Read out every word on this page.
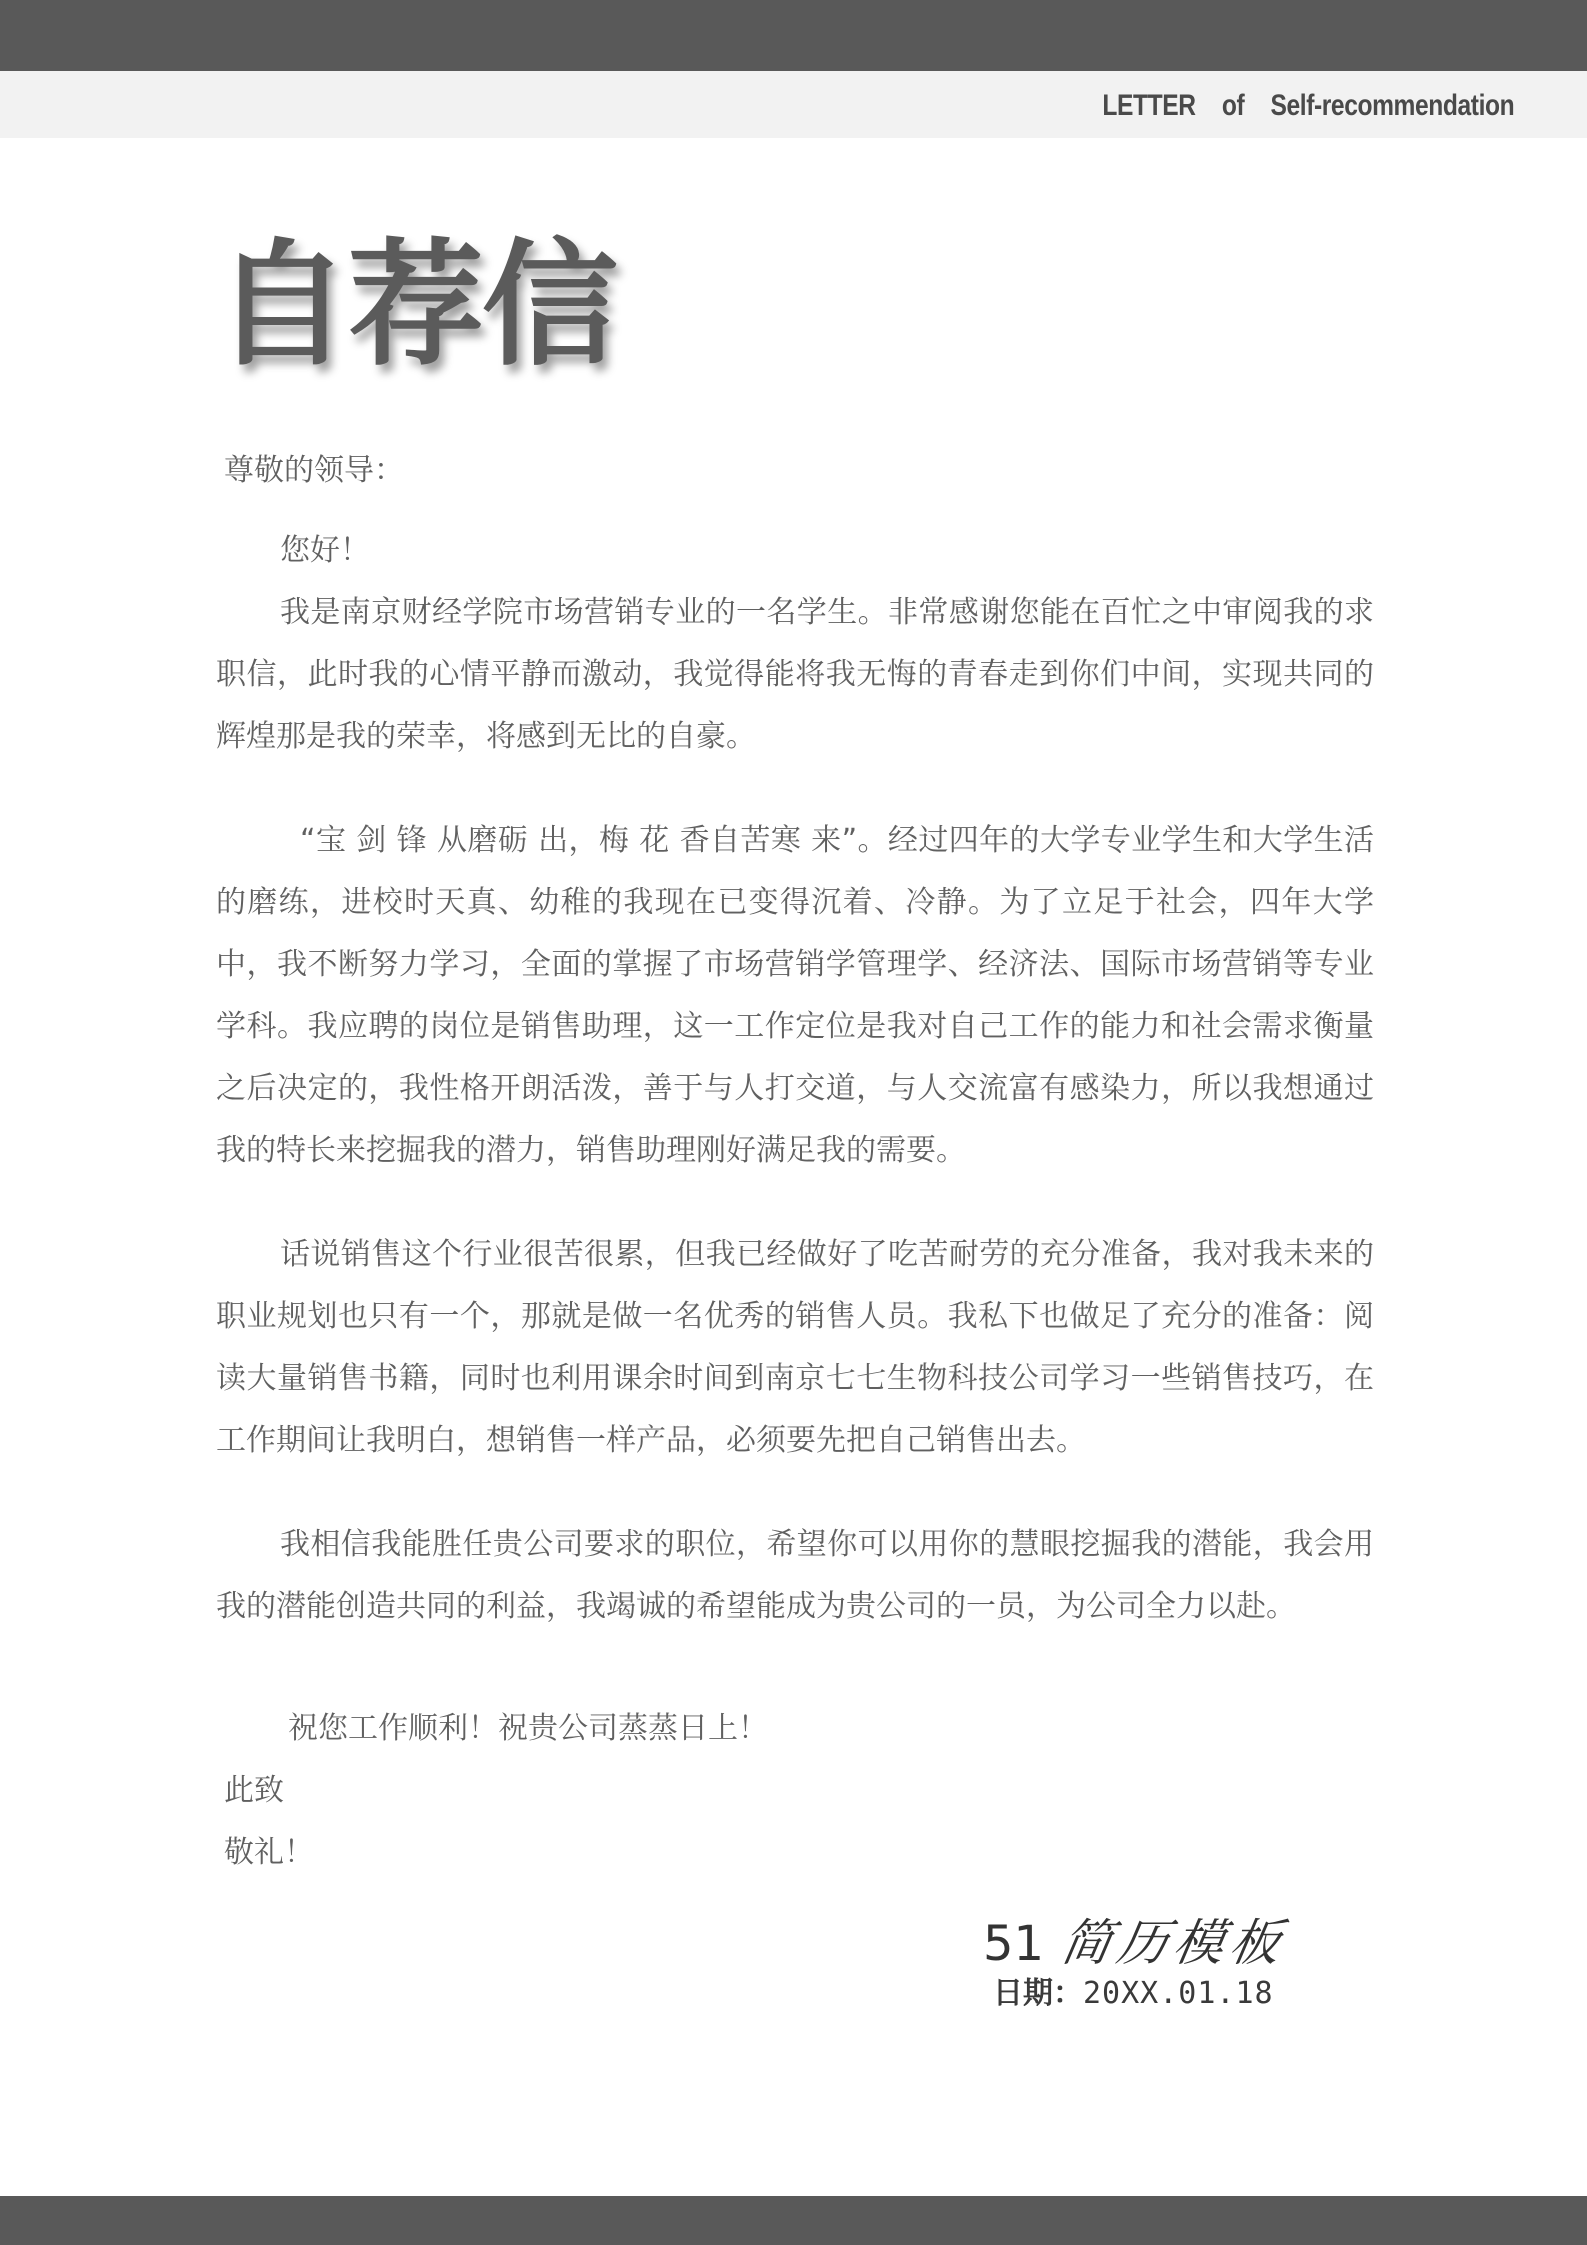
LETTER of Self-recommendation
自荐信
尊敬的领导：

您好！

我是南京财经学院市场营销专业的一名学生。非常感谢您能在百忙之中审阅我的求职信，此时我的心情平静而激动，我觉得能将我无悔的青春走到你们中间，实现共同的辉煌那是我的荣幸，将感到无比的自豪。

“宝 剑 锋 从磨砺 出，梅 花 香自苦寒 来”。经过四年的大学专业学生和大学生活的磨练，进校时天真、幼稚的我现在已变得沉着、冷静。为了立足于社会，四年大学中，我不断努力学习，全面的掌握了市场营销学管理学、经济法、国际市场营销等专业学科。我应聘的岗位是销售助理，这一工作定位是我对自己工作的能力和社会需求衡量之后决定的，我性格开朗活泼，善于与人打交道，与人交流富有感染力，所以我想通过我的特长来挖掘我的潜力，销售助理刚好满足我的需要。

话说销售这个行业很苦很累，但我已经做好了吃苦耐劳的充分准备，我对我未来的职业规划也只有一个，那就是做一名优秀的销售人员。我私下也做足了充分的准备：阅读大量销售书籍，同时也利用课余时间到南京七七生物科技公司学习一些销售技巧，在工作期间让我明白，想销售一样产品，必须要先把自己销售出去。

我相信我能胜任贵公司要求的职位，希望你可以用你的慧眼挖掘我的潜能，我会用我的潜能创造共同的利益，我竭诚的希望能成为贵公司的一员，为公司全力以赴。

祝您工作顺利！祝贵公司蒸蒸日上！
此致
敬礼！
51 简历模板
日期：20XX.01.18
